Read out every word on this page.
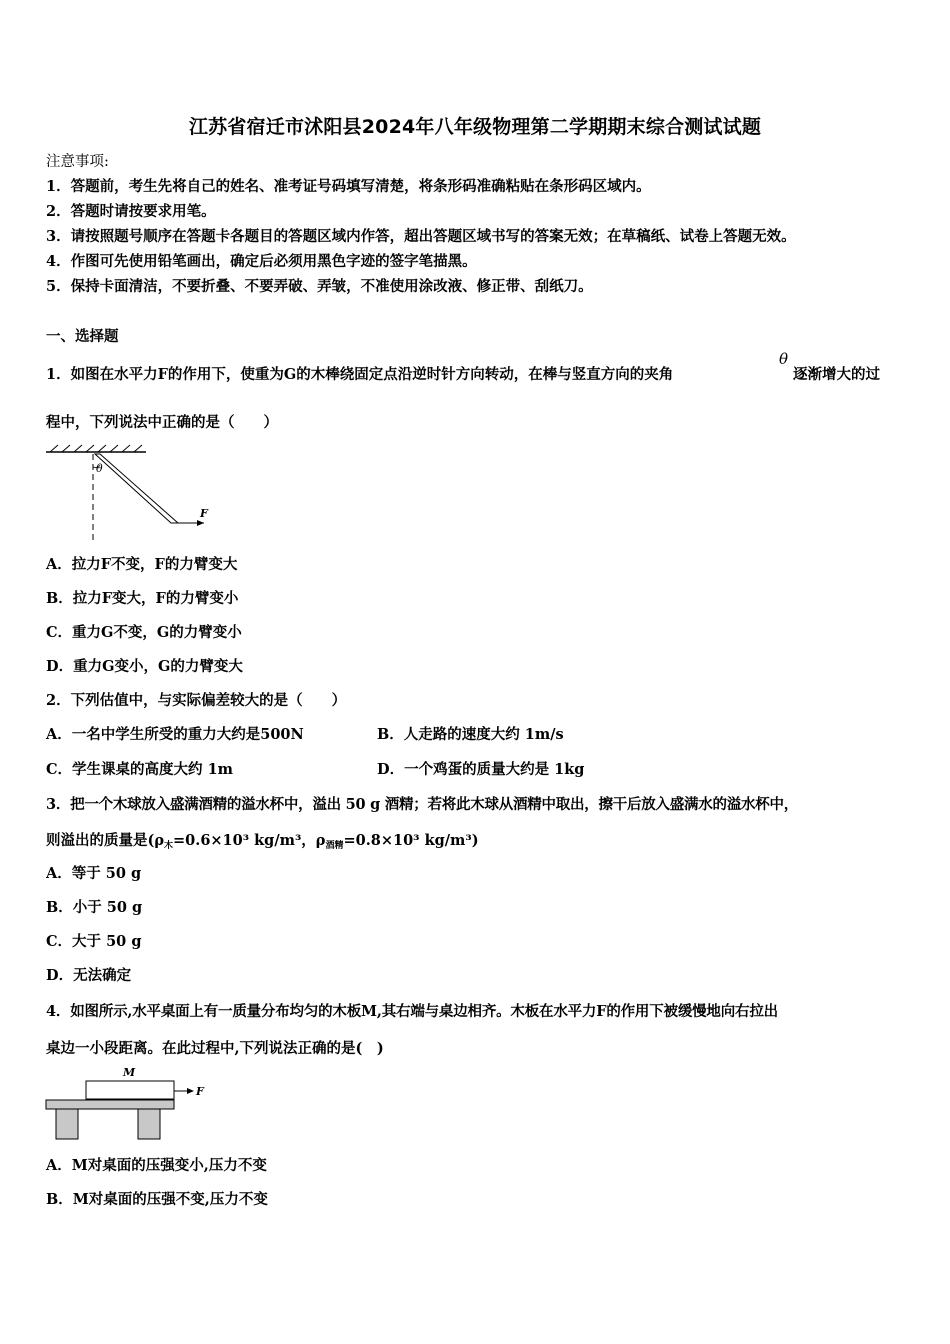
江苏省宿迁市沭阳县2024年八年级物理第二学期期末综合测试试题
注意事项:
1．答题前，考生先将自己的姓名、准考证号码填写清楚，将条形码准确粘贴在条形码区域内。
2．答题时请按要求用笔。
3．请按照题号顺序在答题卡各题目的答题区域内作答，超出答题区域书写的答案无效；在草稿纸、试卷上答题无效。
4．作图可先使用铅笔画出，确定后必须用黑色字迹的签字笔描黑。
5．保持卡面清洁，不要折叠、不要弄破、弄皱，不准使用涂改液、修正带、刮纸刀。
一、选择题
1．如图在水平力F的作用下，使重为G的木棒绕固定点沿逆时针方向转动，在棒与竖直方向的夹角
θ
逐渐增大的过
程中，下列说法中正确的是（　　）
θ
F
A．拉力F不变，F的力臂变大
B．拉力F变大，F的力臂变小
C．重力G不变，G的力臂变小
D．重力G变小，G的力臂变大
2．下列估值中，与实际偏差较大的是（　　）
A．一名中学生所受的重力大约是500N	B．人走路的速度大约 1m/s
C．学生课桌的高度大约 1m	D．一个鸡蛋的质量大约是 1kg
3．把一个木球放入盛满酒精的溢水杯中，溢出 50 g 酒精；若将此木球从酒精中取出，擦干后放入盛满水的溢水杯中，
则溢出的质量是($\rho_木=0.6\times 10^3$ kg/m³，$\rho_{酒精}=0.8\times 10^3$ kg/m³)
A．等于 50 g
B．小于 50 g
C．大于 50 g
D．无法确定
4．如图所示,水平桌面上有一质量分布均匀的木板M,其右端与桌边相齐。木板在水平力F的作用下被缓慢地向右拉出
桌边一小段距离。在此过程中,下列说法正确的是(　)
M
F
A．M对桌面的压强变小,压力不变
B．M对桌面的压强不变,压力不变
